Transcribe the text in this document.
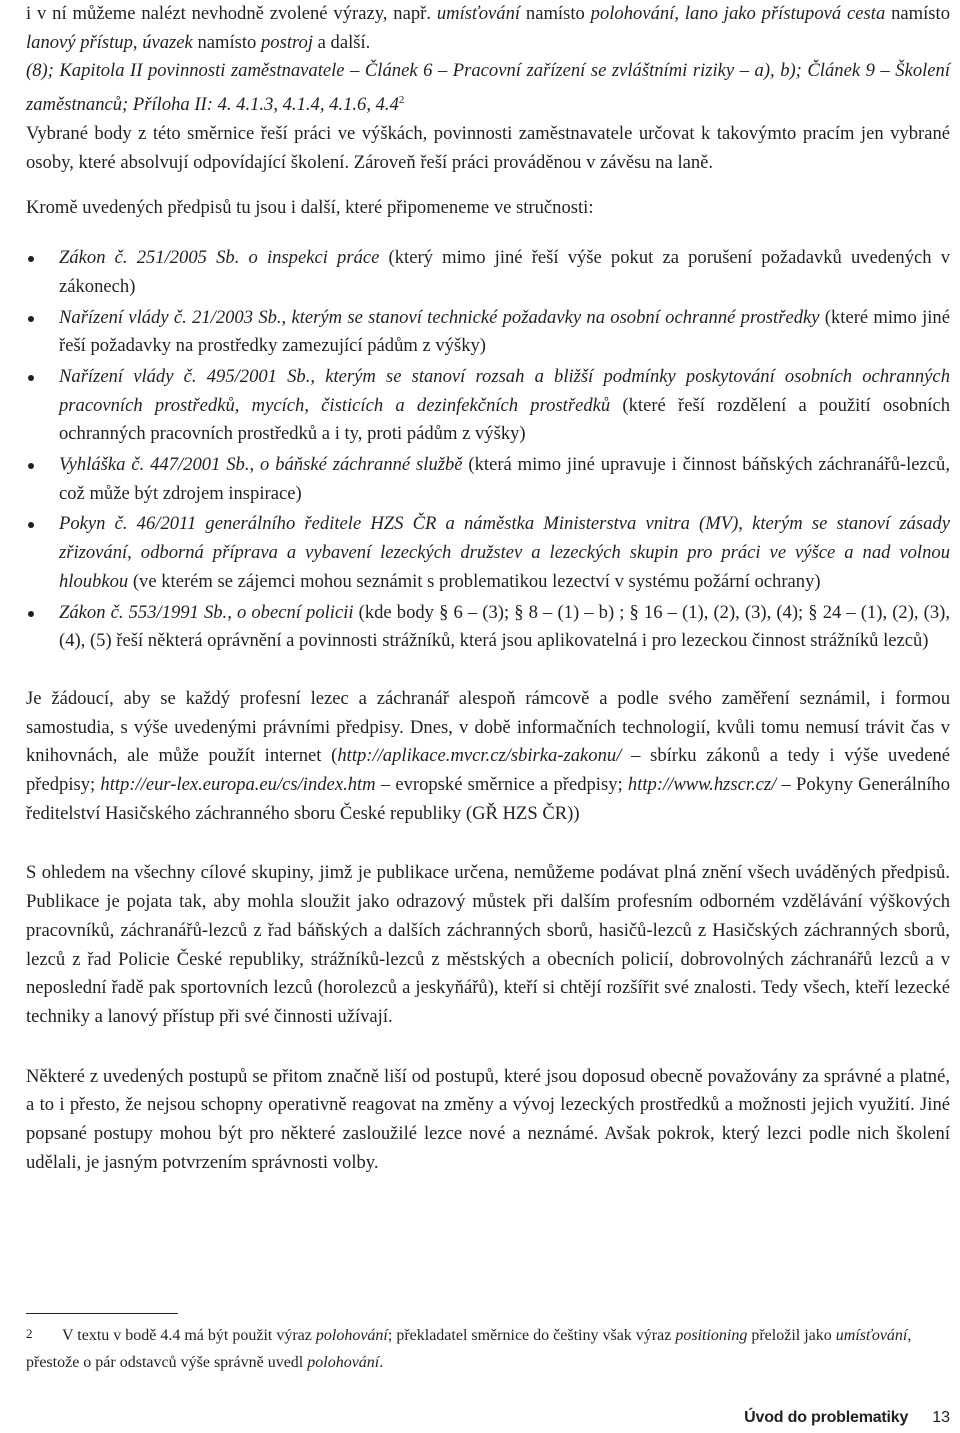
i v ní můžeme nalézt nevhodně zvolené výrazy, např. umísťování namísto polohování, lano jako přístupová cesta namísto lanový přístup, úvazek namísto postroj a další.
(8); Kapitola II povinnosti zaměstnavatele – Článek 6 – Pracovní zařízení se zvláštními riziky – a), b); Článek 9 – Školení zaměstnanců; Příloha II: 4. 4.1.3, 4.1.4, 4.1.6, $4.4^2$
Vybrané body z této směrnice řeší práci ve výškách, povinnosti zaměstnavatele určovat k takovýmto pracím jen vybrané osoby, které absolvují odpovídající školení. Zároveň řeší práci prováděnou v závěsu na laně.

Kromě uvedených předpisů tu jsou i další, které připomeneme ve stručnosti:

Zákon č. 251/2005 Sb. o inspekci práce (který mimo jiné řeší výše pokut za porušení požadavků uvedených v zákonech)
Nařízení vlády č. 21/2003 Sb., kterým se stanoví technické požadavky na osobní ochranné prostředky (které mimo jiné řeší požadavky na prostředky zamezující pádům z výšky)
Nařízení vlády č. 495/2001 Sb., kterým se stanoví rozsah a bližší podmínky poskytování osobních ochranných pracovních prostředků, mycích, čisticích a dezinfekčních prostředků (které řeší rozdělení a použití osobních ochranných pracovních prostředků a i ty, proti pádům z výšky)
Vyhláška č. 447/2001 Sb., o báňské záchranné službě (která mimo jiné upravuje i činnost báňských záchranářů-lezců, což může být zdrojem inspirace)
Pokyn č. 46/2011 generálního ředitele HZS ČR a náměstka Ministerstva vnitra (MV), kterým se stanoví zásady zřizování, odborná příprava a vybavení lezeckých družstev a lezeckých skupin pro práci ve výšce a nad volnou hloubkou (ve kterém se zájemci mohou seznámit s problematikou lezectví v systému požární ochrany)
Zákon č. 553/1991 Sb., o obecní policii (kde body § 6 – (3); § 8 – (1) – b) ; § 16 – (1), (2), (3), (4); § 24 – (1), (2), (3), (4), (5) řeší některá oprávnění a povinnosti strážníků, která jsou aplikovatelná i pro lezeckou činnost strážníků lezců)

Je žádoucí, aby se každý profesní lezec a záchranář alespoň rámcově a podle svého zaměření seznámil, i formou samostudia, s výše uvedenými právními předpisy. Dnes, v době informačních technologií, kvůli tomu nemusí trávit čas v knihovnách, ale může použít internet (http://aplikace.mvcr.cz/sbirka-zakonu/ – sbírku zákonů a tedy i výše uvedené předpisy; http://eur-lex.europa.eu/cs/index.htm – evropské směrnice a předpisy; http://www.hzscr.cz/ – Pokyny Generálního ředitelství Hasičského záchranného sboru České republiky (GŘ HZS ČR))

S ohledem na všechny cílové skupiny, jimž je publikace určena, nemůžeme podávat plná znění všech uváděných předpisů. Publikace je pojata tak, aby mohla sloužit jako odrazový můstek při dalším profesním odborném vzdělávání výškových pracovníků, záchranářů-lezců z řad báňských a dalších záchranných sborů, hasičů-lezců z Hasičských záchranných sborů, lezců z řad Policie České republiky, strážníků-lezců z městských a obecních policií, dobrovolných záchranářů lezců a v neposlední řadě pak sportovních lezců (horolezců a jeskyňářů), kteří si chtějí rozšířit své znalosti. Tedy všech, kteří lezecké techniky a lanový přístup při své činnosti užívají.

Některé z uvedených postupů se přitom značně liší od postupů, které jsou doposud obecně považovány za správné a platné, a to i přesto, že nejsou schopny operativně reagovat na změny a vývoj lezeckých prostředků a možnosti jejich využití. Jiné popsané postupy mohou být pro některé zasloužilé lezce nové a neznámé. Avšak pokrok, který lezci podle nich školení udělali, je jasným potvrzením správnosti volby.

2 V textu v bodě 4.4 má být použit výraz polohování; překladatel směrnice do češtiny však výraz positioning přeložil jako umísťování, přestože o pár odstavců výše správně uvedl polohování.
Úvod do problematiky 13
